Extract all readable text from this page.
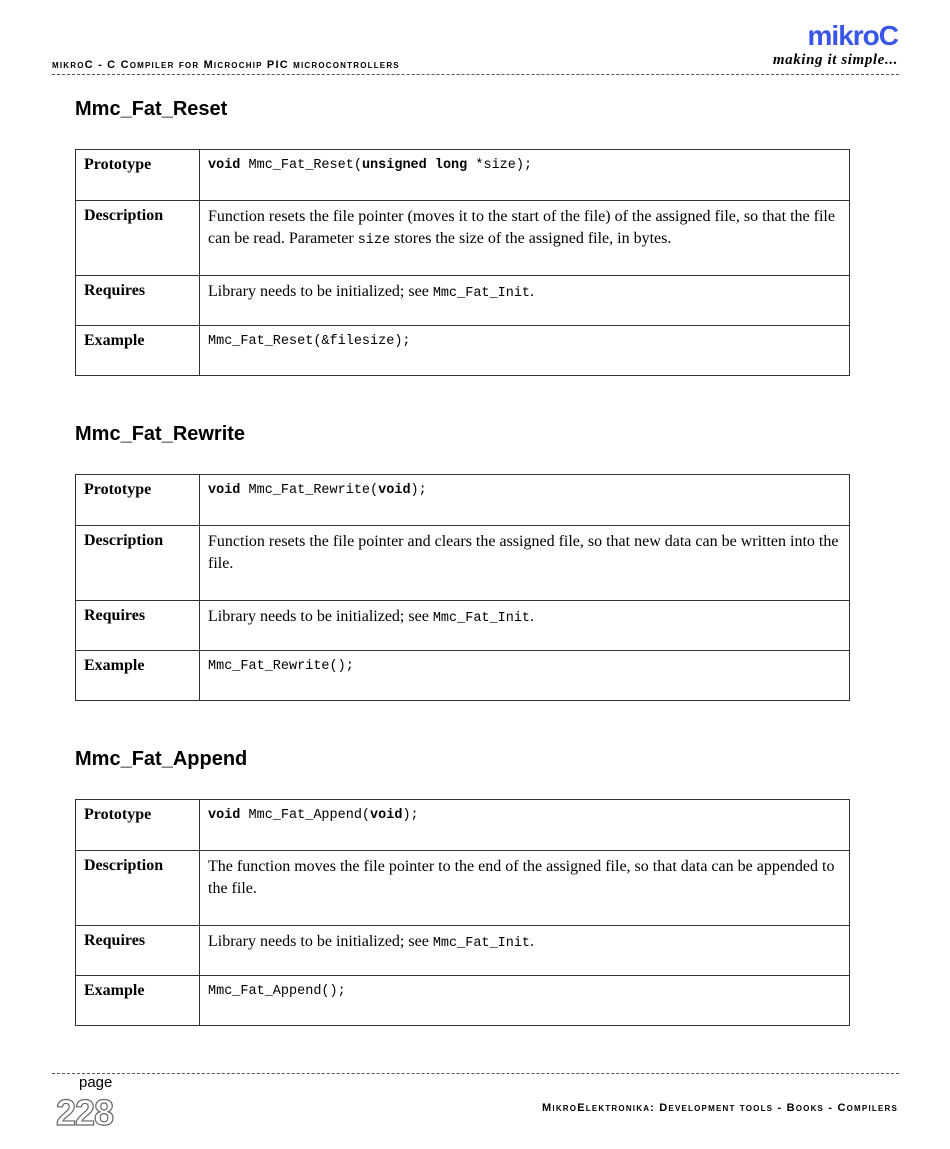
mikroC - C Compiler for Microchip PIC microcontrollers
mikroC
making it simple...
Mmc_Fat_Reset
Prototype	void Mmc_Fat_Reset(unsigned long *size);
Description	Function resets the file pointer (moves it to the start of the file) of the assigned file, so that the file can be read. Parameter size stores the size of the assigned file, in bytes.
Requires	Library needs to be initialized; see Mmc_Fat_Init.
Example	Mmc_Fat_Reset(&filesize);
Mmc_Fat_Rewrite
Prototype	void Mmc_Fat_Rewrite(void);
Description	Function resets the file pointer and clears the assigned file, so that new data can be written into the file.
Requires	Library needs to be initialized; see Mmc_Fat_Init.
Example	Mmc_Fat_Rewrite();
Mmc_Fat_Append
Prototype	void Mmc_Fat_Append(void);
Description	The function moves the file pointer to the end of the assigned file, so that data can be appended to the file.
Requires	Library needs to be initialized; see Mmc_Fat_Init.
Example	Mmc_Fat_Append();
page
228	MikroElektronika: Development tools - Books - Compilers
